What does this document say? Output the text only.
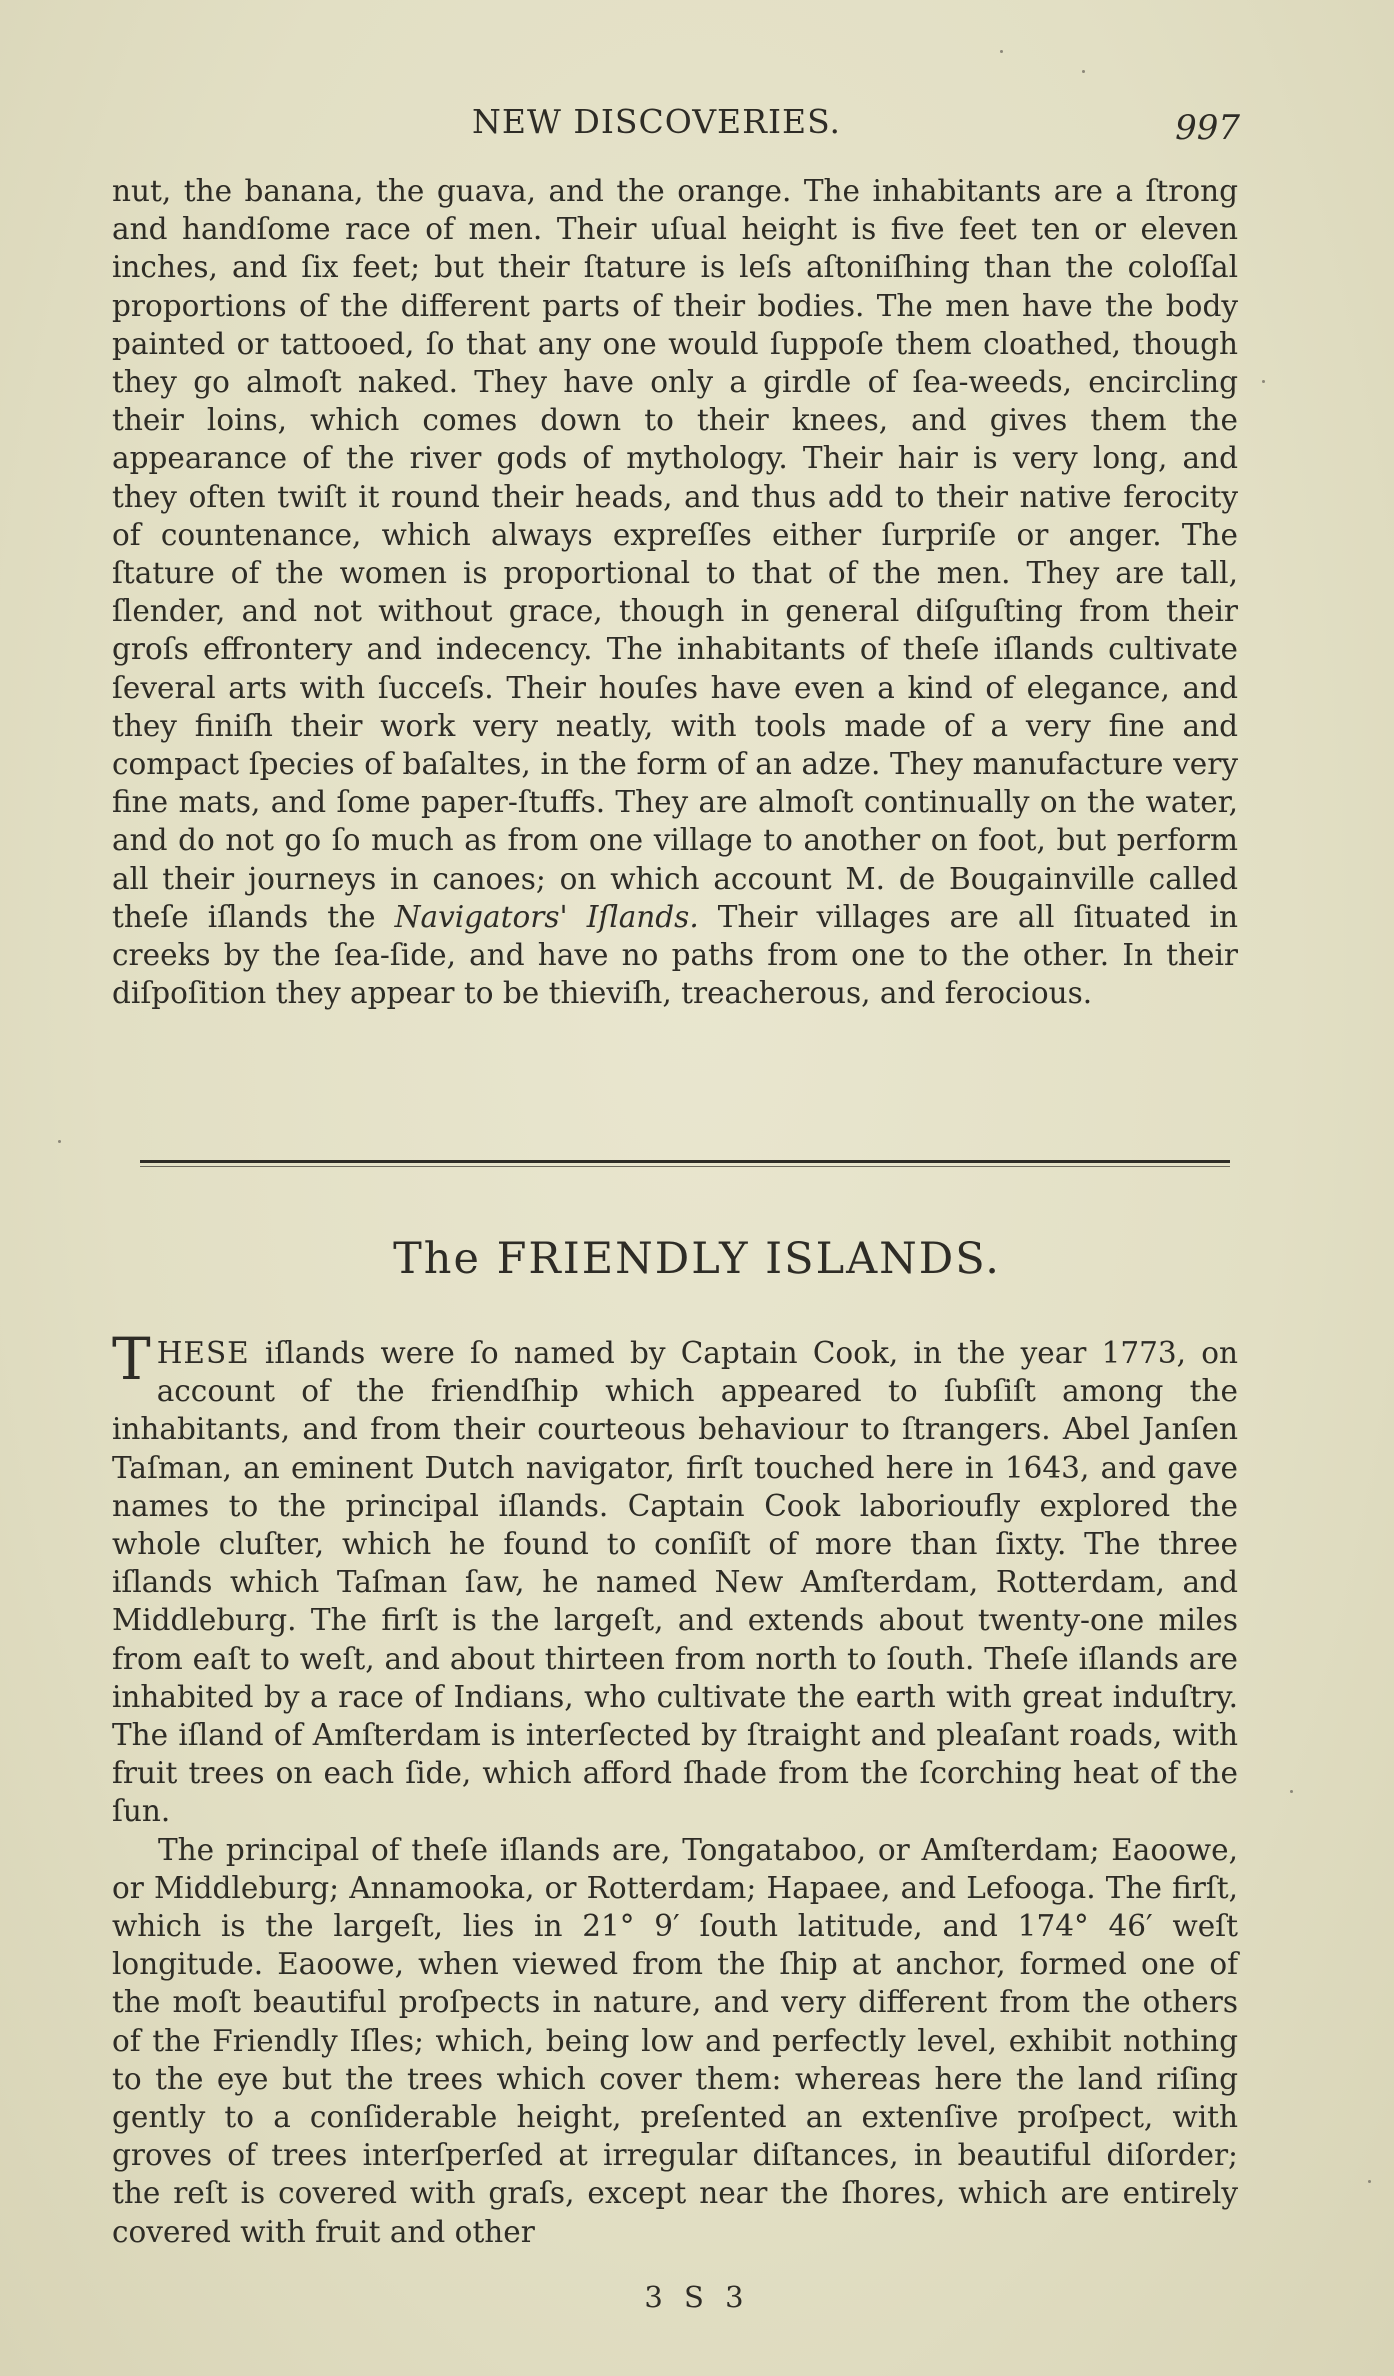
NEW DISCOVERIES.	997

nut, the banana, the guava, and the orange. The inhabitants are a ſtrong and handſome race of men. Their uſual height is five feet ten or eleven inches, and ſix feet; but their ſtature is leſs aſtoniſhing than the coloſſal proportions of the different parts of their bodies. The men have the body painted or tattooed, ſo that any one would ſuppoſe them cloathed, though they go almoſt naked. They have only a girdle of ſea-weeds, encircling their loins, which comes down to their knees, and gives them the appearance of the river gods of mythology. Their hair is very long, and they often twiſt it round their heads, and thus add to their native ferocity of countenance, which always expreſſes either ſurpriſe or anger. The ſtature of the women is proportional to that of the men. They are tall, ſlender, and not without grace, though in general diſguſting from their groſs effrontery and indecency. The inhabitants of theſe iſlands cultivate ſeveral arts with ſucceſs. Their houſes have even a kind of elegance, and they finiſh their work very neatly, with tools made of a very fine and compact ſpecies of baſaltes, in the form of an adze. They manufacture very fine mats, and ſome paper-ſtuffs. They are almoſt continually on the water, and do not go ſo much as from one village to another on foot, but perform all their journeys in canoes; on which account M. de Bougainville called theſe iſlands the Navigators' Iſlands. Their villages are all ſituated in creeks by the ſea-ſide, and have no paths from one to the other. In their diſpoſition they appear to be thieviſh, treacherous, and ferocious.

The FRIENDLY ISLANDS.

THESE iſlands were ſo named by Captain Cook, in the year 1773, on account of the friendſhip which appeared to ſubſiſt among the inhabitants, and from their courteous behaviour to ſtrangers. Abel Janſen Taſman, an eminent Dutch navigator, firſt touched here in 1643, and gave names to the principal iſlands. Captain Cook laborioufly explored the whole cluſter, which he found to conſiſt of more than ſixty. The three iſlands which Taſman ſaw, he named New Amſterdam, Rotterdam, and Middleburg. The firſt is the largeſt, and extends about twenty-one miles from eaſt to weſt, and about thirteen from north to ſouth. Theſe iſlands are inhabited by a race of Indians, who cultivate the earth with great induſtry. The iſland of Amſterdam is interſected by ſtraight and pleaſant roads, with fruit trees on each ſide, which afford ſhade from the ſcorching heat of the ſun.

The principal of theſe iſlands are, Tongataboo, or Amſterdam; Eaoowe, or Middleburg; Annamooka, or Rotterdam; Hapaee, and Lefooga. The firſt, which is the largeſt, lies in 21° 9′ ſouth latitude, and 174° 46′ weſt longitude. Eaoowe, when viewed from the ſhip at anchor, formed one of the moſt beautiful proſpects in nature, and very different from the others of the Friendly Iſles; which, being low and perfectly level, exhibit nothing to the eye but the trees which cover them: whereas here the land riſing gently to a conſiderable height, preſented an extenſive proſpect, with groves of trees interſperſed at irregular diſtances, in beautiful diſorder; the reſt is covered with graſs, except near the ſhores, which are entirely covered with fruit and other

3 S 3
